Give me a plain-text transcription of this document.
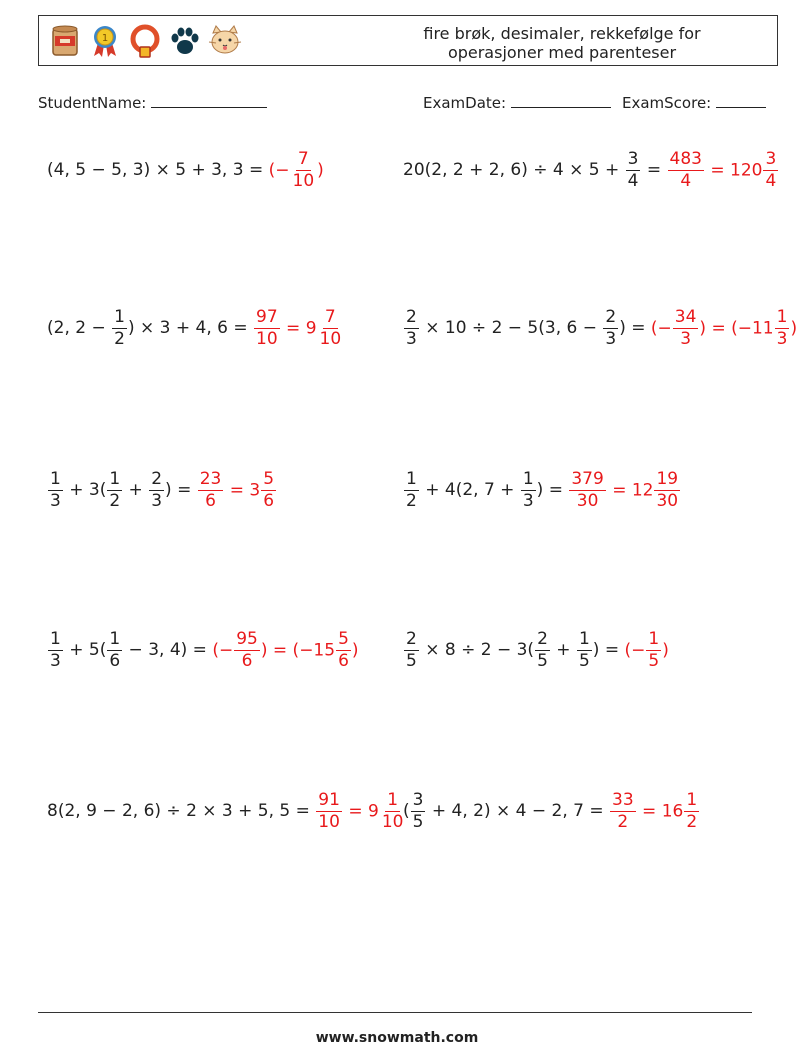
1	fire brøk, desimaler, rekkefølge for
operasjoner med parenteser
StudentName:	ExamDate:	ExamScore:
(4, 5 − 5, 3) × 5 + 3, 3 = (− $\frac{7}{10}$ )	20(2, 2 + 2, $6) \div 4 \times 5 + \frac{3}{4} = \frac{483}{4} = 120 \frac{3}{4}$
(2, $2 - \frac{1}{2}$ ) × 3 + 4, $6 = \frac{97}{10} = 9 \frac{7}{10}$	$\frac{2}{3} \times 10 \div 2 - 5(3$, $6 - \frac{2}{3}$ ) = (− $\frac{34}{3}$ ) = ($-11 \frac{1}{3}$ )
$\frac{1}{3} + 3( \frac{1}{2} + \frac{2}{3}$ ) = $\frac{23}{6} = 3 \frac{5}{6}$	$\frac{1}{2} + 4(2$, $7 + \frac{1}{3}$ ) = $\frac{379}{30} = 12 \frac{19}{30}$
$\frac{1}{3} + 5( \frac{1}{6} - 3$, 4) = (− $\frac{95}{6}$ ) = ($-15 \frac{5}{6}$ )	$\frac{2}{5} \times 8 \div 2 - 3( \frac{2}{5} + \frac{1}{5}$ ) = (− $\frac{1}{5}$ )
8(2, 9 − 2, 6) ÷ 2 × 3 + 5, $5 = \frac{91}{10} = 9 \frac{1}{10}$
( $\frac{3}{5} + 4$, 2) × 4 − 2, $7 = \frac{33}{2} = 16 \frac{1}{2}$
www.snowmath.com
